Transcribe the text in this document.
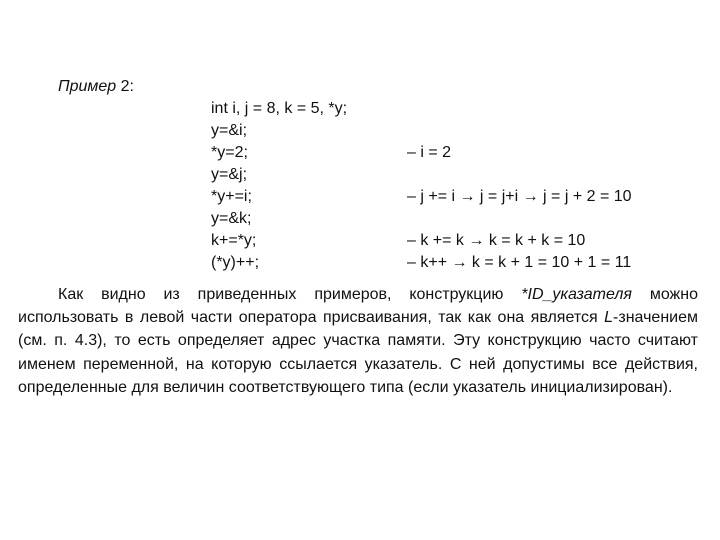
Пример 2:
int i, j = 8, k = 5, *y;
y=&i;
*y=2;
y=&j;
*y+=i;
y=&k;
k+=*y;
(*y)++;
– i = 2
– j += i → j = j+i → j = j + 2 = 10
– k += k → k = k + k = 10
– k++ → k = k + 1 = 10 + 1 = 11

Как видно из приведенных примеров, конструкцию *ID_указателя можно использовать в левой части оператора присваивания, так как она является L-значением (см. п. 4.3), то есть определяет адрес участка памяти. Эту конструкцию часто считают именем переменной, на которую ссылается указатель. С ней допустимы все действия, определенные для величин соответствующего типа (если указатель инициализирован).
